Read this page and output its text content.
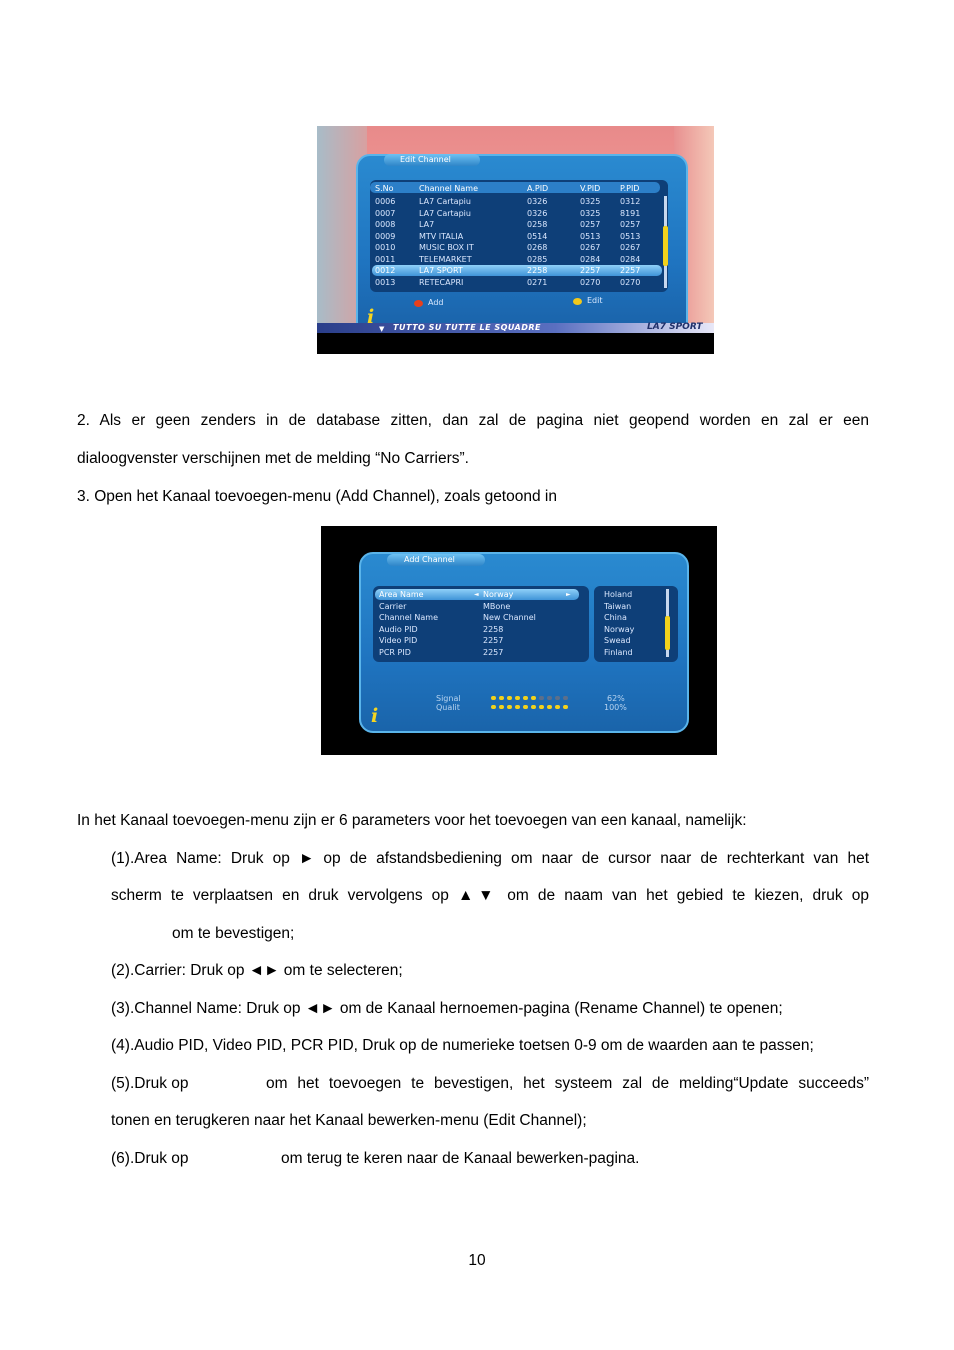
Edit Channel
S.No	Channel Name	A.PID	V.PID P.PID
0006	LA7 Cartapiu	0326	0325 0312
0007	LA7 Cartapiu	0326	0325 8191
0008	LA7	0258	0257 0257
0009	MTV ITALIA	0514	0513 0513
0010	MUSIC BOX IT	0268	0267 0267
0011	TELEMARKET	0285	0284 0284
0012	LA7 SPORT	2258	2257 2257
0013	RETECAPRI	0271	0270 0270
Add	Edit
▼ TUTTO SU TUTTE LE SQUADRE	LA7 SPORT
i
Add Channel
Area Name	Norway
Carrier	MBone
Channel Name	New Channel
Audio PID	2258
Video PID	2257
PCR PID	2257
◄	►	Holand
Taiwan
China
Norway
Swead
Finland
Signal
Qualit
62%
100%
i
2. Als er geen zenders in de database zitten, dan zal de pagina niet geopend worden en zal er een
dialoogvenster verschijnen met de melding “No Carriers”.
3. Open het Kanaal toevoegen-menu (Add Channel), zoals getoond in
In het Kanaal toevoegen-menu zijn er 6 parameters voor het toevoegen van een kanaal, namelijk:
(1).Area Name: Druk op ► op de afstandsbediening om naar de cursor naar de rechterkant van het
scherm te verplaatsen en druk vervolgens op ▲▼ om de naam van het gebied te kiezen, druk op
om te bevestigen;
(2).Carrier: Druk op ◄► om te selecteren;
(3).Channel Name: Druk op ◄► om de Kanaal hernoemen-pagina (Rename Channel) te openen;
(4).Audio PID, Video PID, PCR PID, Druk op de numerieke toetsen 0-9 om de waarden aan te passen;
(5).Druk op	om het toevoegen te bevestigen, het systeem zal de melding“Update succeeds”
tonen en terugkeren naar het Kanaal bewerken-menu (Edit Channel);
(6).Druk op	om terug te keren naar de Kanaal bewerken-pagina.
10
